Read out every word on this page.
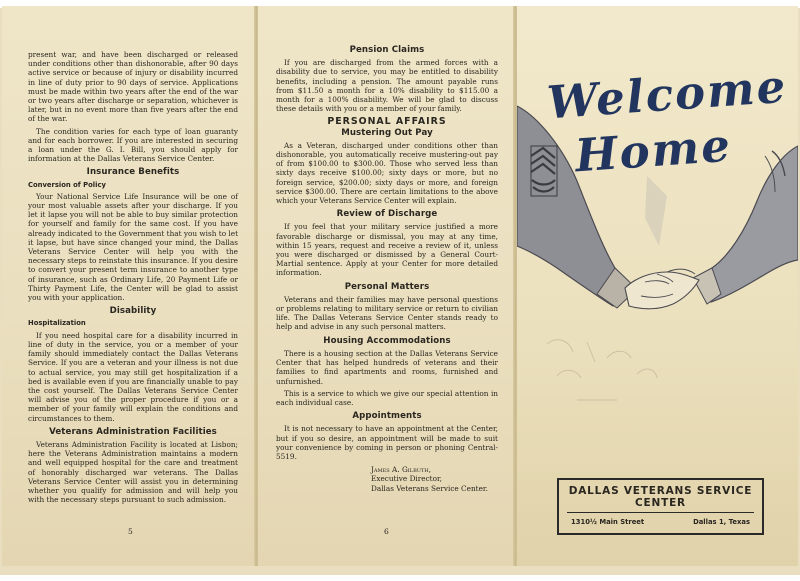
present war, and have been discharged or released under conditions other than dishonorable, after 90 days active service or because of injury or disability incurred in line of duty prior to 90 days of service. Applications must be made within two years after the end of the war or two years after discharge or separation, whichever is later, but in no event more than five years after the end of the war.

The condition varies for each type of loan guaranty and for each borrower. If you are interested in securing a loan under the G. I. Bill, you should apply for information at the Dallas Veterans Service Center.

Insurance Benefits
Conversion of Policy

Your National Service Life Insurance will be one of your most valuable assets after your discharge. If you let it lapse you will not be able to buy similar protection for yourself and family for the same cost. If you have already indicated to the Government that you wish to let it lapse, but have since changed your mind, the Dallas Veterans Service Center will help you with the necessary steps to reinstate this insurance. If you desire to convert your present term insurance to another type of insurance, such as Ordinary Life, 20 Payment Life or Thirty Payment Life, the Center will be glad to assist you with your application.

Disability
Hospitalization

If you need hospital care for a disability incurred in line of duty in the service, you or a member of your family should immediately contact the Dallas Veterans Service. If you are a veteran and your illness is not due to actual service, you may still get hospitalization if a bed is available even if you are financially unable to pay the cost yourself. The Dallas Veterans Service Center will advise you of the proper procedure if you or a member of your family will explain the conditions and circumstances to them.

Veterans Administration Facilities

Veterans Administration Facility is located at Lisbon; here the Veterans Administration maintains a modern and well equipped hospital for the care and treatment of honorably discharged war veterans. The Dallas Veterans Service Center will assist you in determining whether you qualify for admission and will help you with the necessary steps pursuant to such admission.

5
Pension Claims

If you are discharged from the armed forces with a disability due to service, you may be entitled to disability benefits, including a pension. The amount payable runs from $11.50 a month for a 10% disability to $115.00 a month for a 100% disability. We will be glad to discuss these details with you or a member of your family.

PERSONAL AFFAIRS
Mustering Out Pay

As a Veteran, discharged under conditions other than dishonorable, you automatically receive mustering-out pay of from $100.00 to $300.00. Those who served less than sixty days receive $100.00; sixty days or more, but no foreign service, $200.00; sixty days or more, and foreign service $300.00. There are certain limitations to the above which your Veterans Service Center will explain.

Review of Discharge

If you feel that your military service justified a more favorable discharge or dismissal, you may at any time, within 15 years, request and receive a review of it, unless you were discharged or dismissed by a General Court-Martial sentence. Apply at your Center for more detailed information.

Personal Matters

Veterans and their families may have personal questions or problems relating to military service or return to civilian life. The Dallas Veterans Service Center stands ready to help and advise in any such personal matters.

Housing Accommodations

There is a housing section at the Dallas Veterans Service Center that has helped hundreds of veterans and their families to find apartments and rooms, furnished and unfurnished.

This is a service to which we give our special attention in each individual case.

Appointments

It is not necessary to have an appointment at the Center, but if you so desire, an appointment will be made to suit your convenience by coming in person or phoning Central-5519.

James A. Gilbuth,
Executive Director,
Dallas Veterans Service Center.
6
Welcome
Home
DALLAS VETERANS SERVICE CENTER
1310½ Main Street	Dallas 1, Texas
